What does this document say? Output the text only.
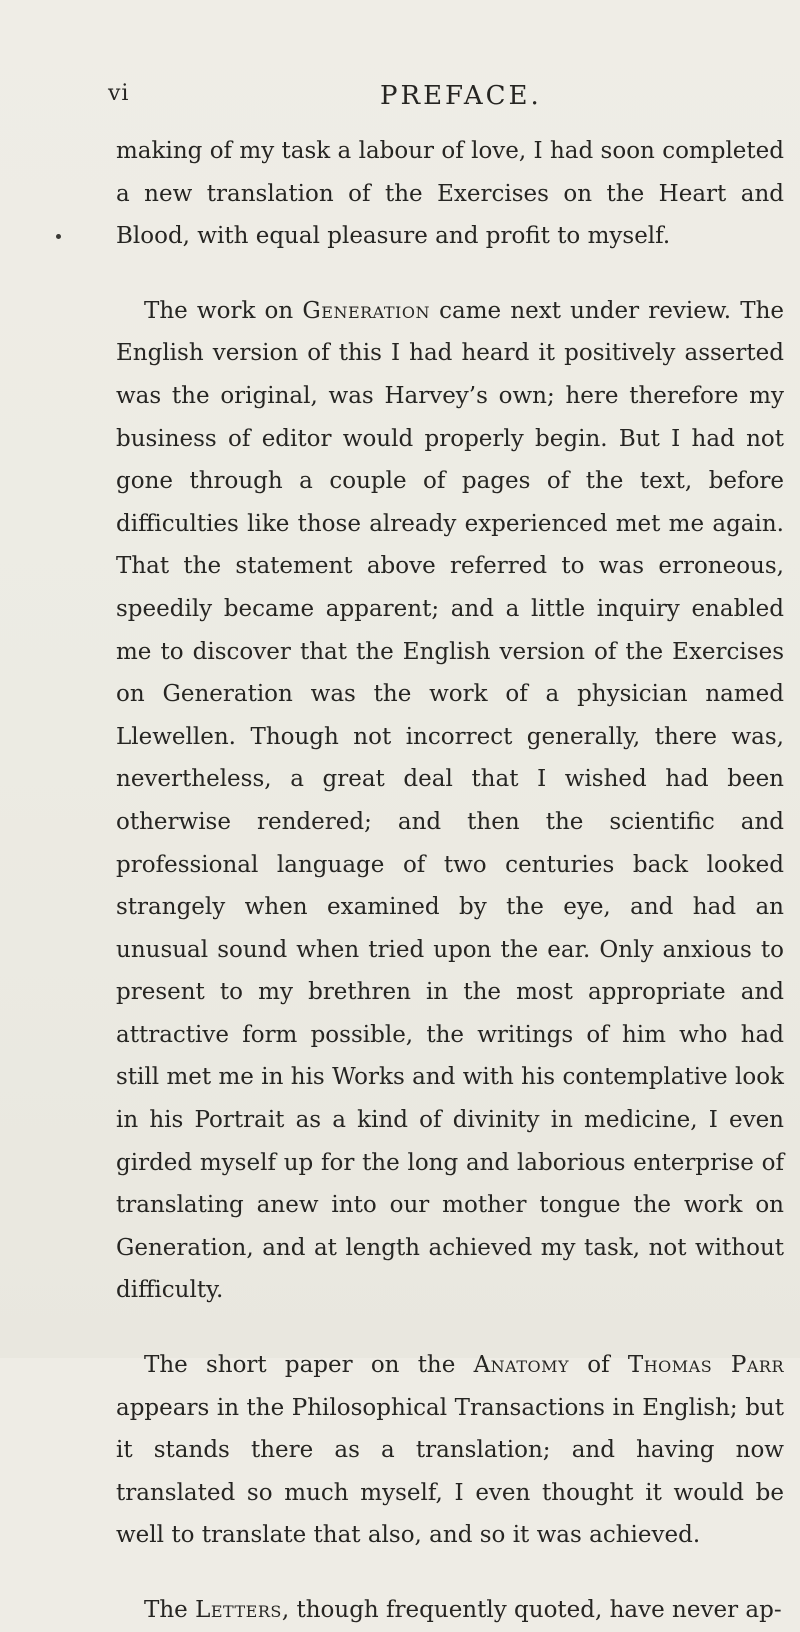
vi	PREFACE.

making of my task a labour of love, I had soon completed a new translation of the Exercises on the Heart and Blood, with equal pleasure and profit to myself.

The work on Generation came next under review. The English version of this I had heard it positively asserted was the original, was Harvey’s own; here therefore my business of editor would properly begin. But I had not gone through a couple of pages of the text, before difficulties like those already experienced met me again. That the statement above referred to was erroneous, speedily became apparent; and a little inquiry enabled me to discover that the English version of the Exercises on Generation was the work of a physician named Llewellen. Though not incorrect generally, there was, nevertheless, a great deal that I wished had been otherwise rendered; and then the scientific and professional language of two centuries back looked strangely when examined by the eye, and had an unusual sound when tried upon the ear. Only anxious to present to my brethren in the most appropriate and attractive form possible, the writings of him who had still met me in his Works and with his contemplative look in his Portrait as a kind of divinity in medicine, I even girded myself up for the long and laborious enterprise of translating anew into our mother tongue the work on Generation, and at length achieved my task, not without difficulty.

The short paper on the Anatomy of Thomas Parr appears in the Philosophical Transactions in English; but it stands there as a translation; and having now translated so much myself, I even thought it would be well to translate that also, and so it was achieved.

The Letters, though frequently quoted, have never ap-
